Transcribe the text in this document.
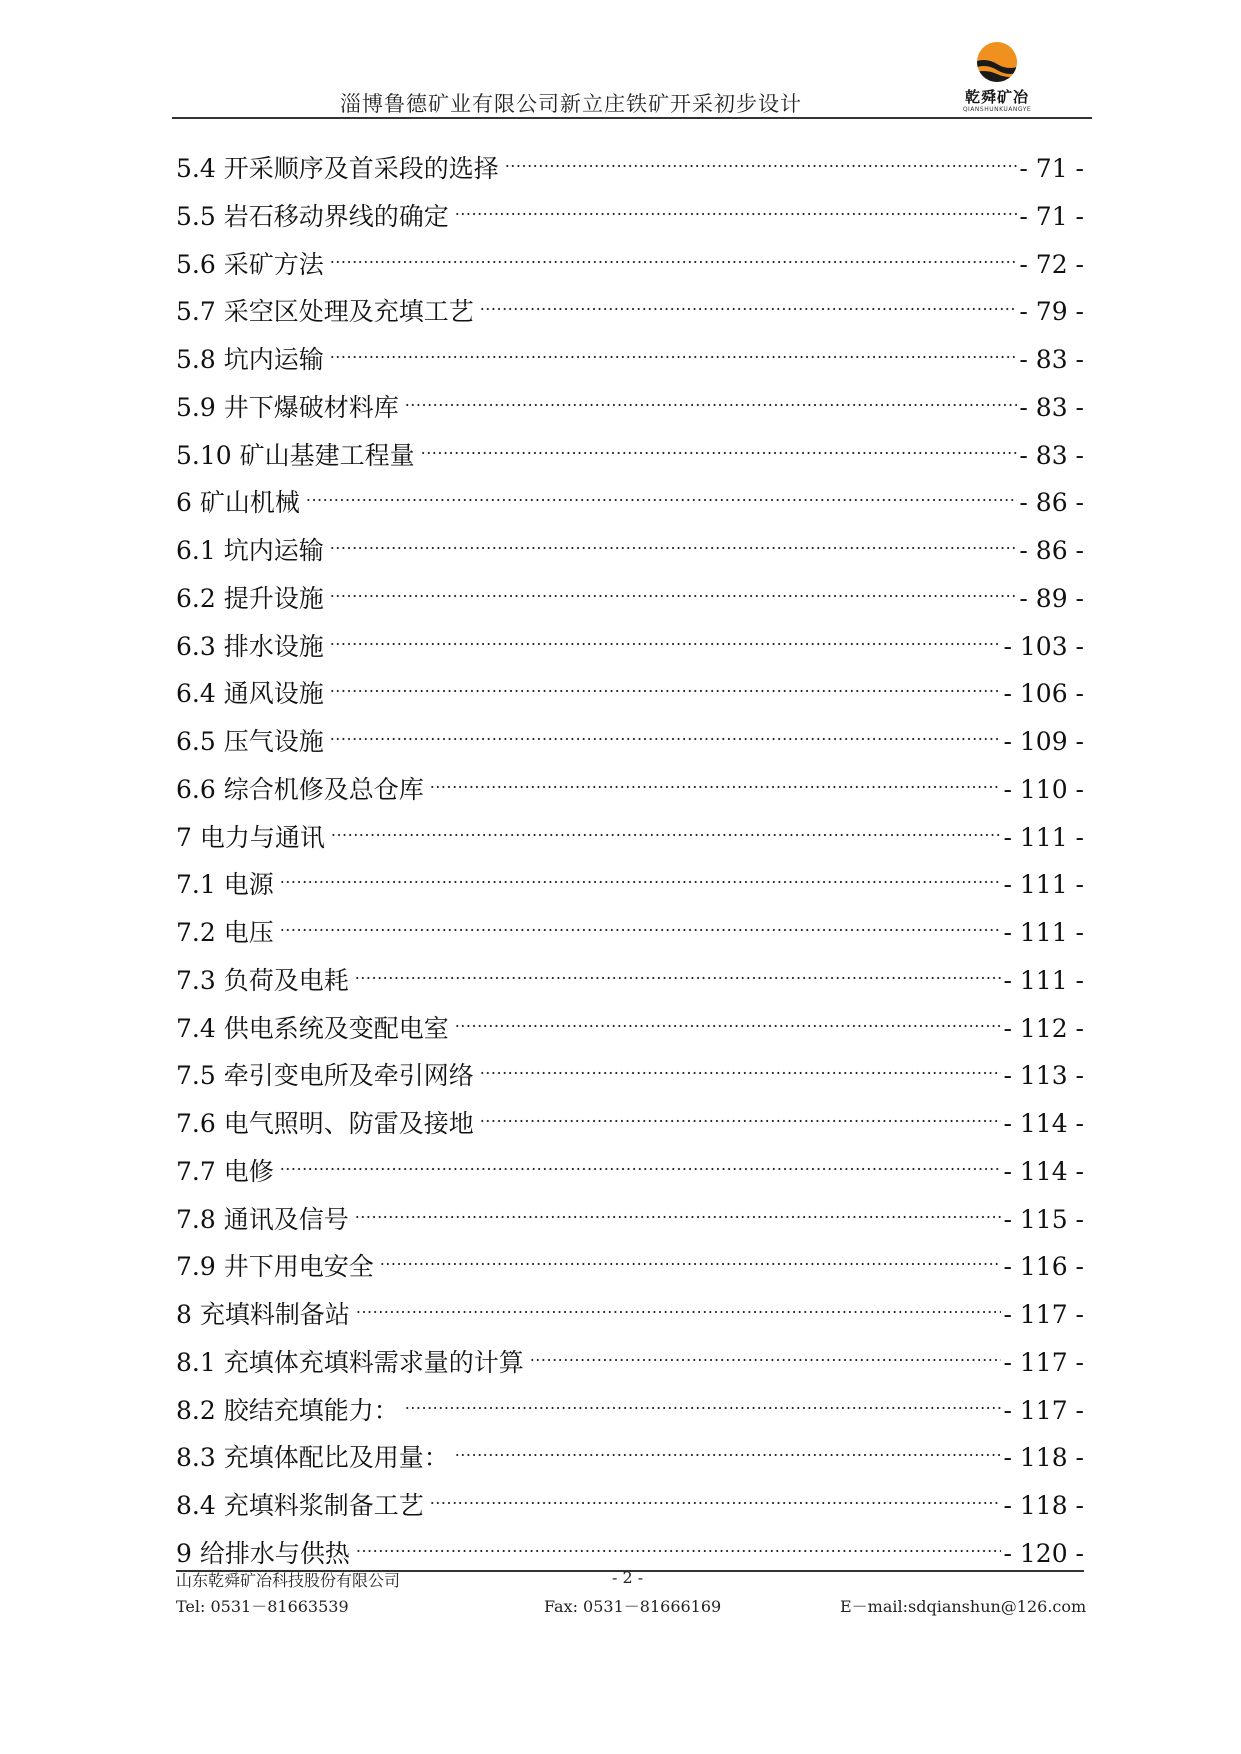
淄博鲁德矿业有限公司新立庄铁矿开采初步设计	乾舜矿冶
QIANSHUNKUANGYE
5.4 开采顺序及首采段的选择 .....	- 71 -
5.5 岩石移动界线的确定 .....	- 71 -
5.6 采矿方法 .....	- 72 -
5.7 采空区处理及充填工艺 .....	- 79 -
5.8 坑内运输 .....	- 83 -
5.9 井下爆破材料库 .....	- 83 -
5.10 矿山基建工程量 .....	- 83 -
6 矿山机械 .....	- 86 -
6.1 坑内运输 .....	- 86 -
6.2 提升设施 .....	- 89 -
6.3 排水设施 .....	- 103 -
6.4 通风设施 .....	- 106 -
6.5 压气设施 .....	- 109 -
6.6 综合机修及总仓库 .....	- 110 -
7 电力与通讯 .....	- 111 -
7.1 电源 .....	- 111 -
7.2 电压 .....	- 111 -
7.3 负荷及电耗 .....	- 111 -
7.4 供电系统及变配电室 .....	- 112 -
7.5 牵引变电所及牵引网络 .....	- 113 -
7.6 电气照明、防雷及接地 .....	- 114 -
7.7 电修 .....	- 114 -
7.8 通讯及信号 .....	- 115 -
7.9 井下用电安全 .....	- 116 -
8 充填料制备站 .....	- 117 -
8.1 充填体充填料需求量的计算 .....	- 117 -
8.2 胶结充填能力： .....	- 117 -
8.3 充填体配比及用量： .....	- 118 -
8.4 充填料浆制备工艺 .....	- 118 -
9 给排水与供热 .....	- 120 -
山东乾舜矿冶科技股份有限公司	- 2 -
Tel: 0531－81663539	Fax: 0531－81666169	E－mail:sdqianshun@126.com
